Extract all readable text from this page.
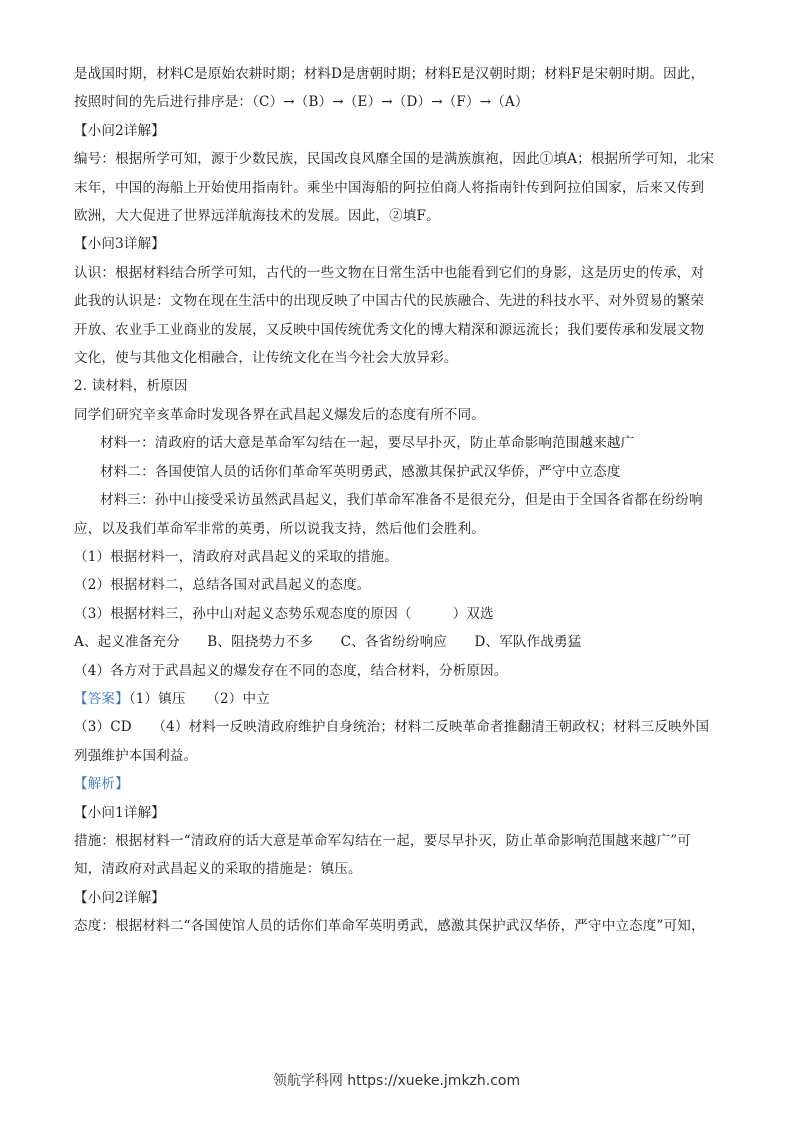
是战国时期，材料C是原始农耕时期；材料D是唐朝时期；材料E是汉朝时期；材料F是宋朝时期。因此，
按照时间的先后进行排序是：（C）→（B）→（E）→（D）→（F）→（A）
【小问2详解】
编号：根据所学可知，源于少数民族，民国改良风靡全国的是满族旗袍，因此①填A；根据所学可知，北宋
末年，中国的海船上开始使用指南针。乘坐中国海船的阿拉伯商人将指南针传到阿拉伯国家，后来又传到
欧洲，大大促进了世界远洋航海技术的发展。因此，②填F。
【小问3详解】
认识：根据材料结合所学可知，古代的一些文物在日常生活中也能看到它们的身影，这是历史的传承，对
此我的认识是：文物在现在生活中的出现反映了中国古代的民族融合、先进的科技水平、对外贸易的繁荣
开放、农业手工业商业的发展，又反映中国传统优秀文化的博大精深和源远流长；我们要传承和发展文物
文化，使与其他文化相融合，让传统文化在当今社会大放异彩。
2. 读材料，析原因
同学们研究辛亥革命时发现各界在武昌起义爆发后的态度有所不同。
材料一：清政府的话大意是革命军勾结在一起，要尽早扑灭，防止革命影响范围越来越广
材料二：各国使馆人员的话你们革命军英明勇武，感激其保护武汉华侨，严守中立态度
材料三：孙中山接受采访虽然武昌起义，我们革命军准备不是很充分，但是由于全国各省都在纷纷响
应，以及我们革命军非常的英勇，所以说我支持，然后他们会胜利。
（1）根据材料一，清政府对武昌起义的采取的措施。
（2）根据材料二，总结各国对武昌起义的态度。
（3）根据材料三，孙中山对起义态势乐观态度的原因（　　　）双选
A、起义准备充分　　B、阻挠势力不多　　C、各省纷纷响应　　D、军队作战勇猛
（4）各方对于武昌起义的爆发存在不同的态度，结合材料，分析原因。
【答案】（1）镇压　　（2）中立
（3）CD　　（4）材料一反映清政府维护自身统治；材料二反映革命者推翻清王朝政权；材料三反映外国
列强维护本国利益。
【解析】
【小问1详解】
措施：根据材料一“清政府的话大意是革命军勾结在一起，要尽早扑灭，防止革命影响范围越来越广”可
知，清政府对武昌起义的采取的措施是：镇压。
【小问2详解】
态度：根据材料二“各国使馆人员的话你们革命军英明勇武，感激其保护武汉华侨，严守中立态度”可知，
领航学科网 https://xueke.jmkzh.com
